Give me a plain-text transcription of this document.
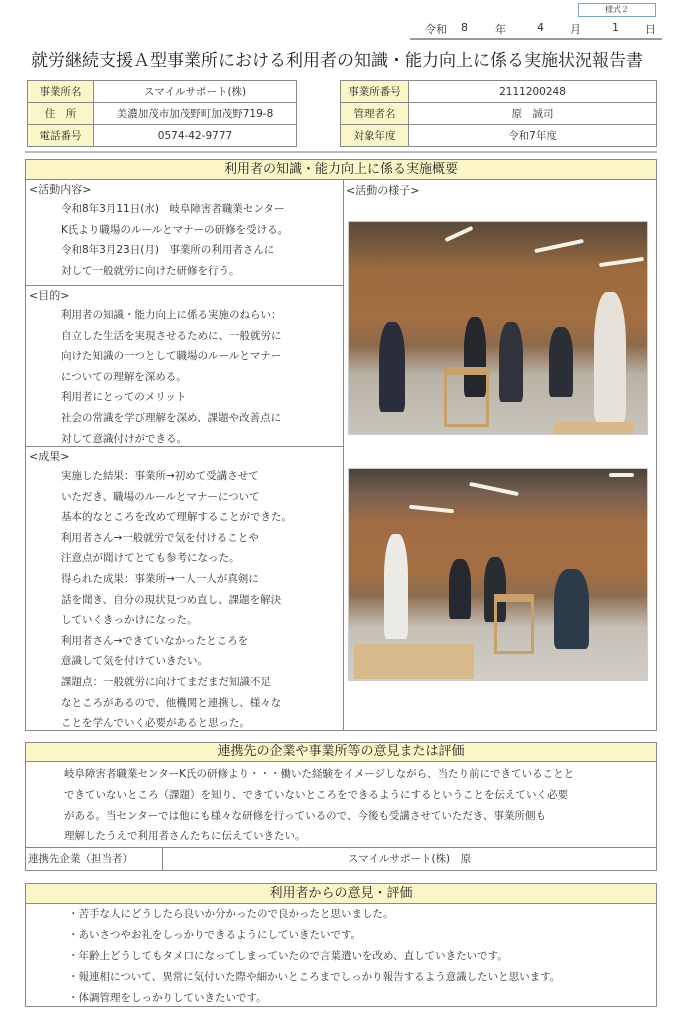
様式２
令和	8	年	4	月	1	日
就労継続支援Ａ型事業所における利用者の知識・能力向上に係る実施状況報告書
事業所名	スマイルサポート(株)
住　所	美濃加茂市加茂野町加茂野719-8
電話番号	0574-42-9777
事業所番号	2111200248
管理者名	原　誠司
対象年度	令和7年度
利用者の知識・能力向上に係る実施概要
<活動内容>
令和8年3月11日(水)　岐阜障害者職業センター
K氏より職場のルールとマナーの研修を受ける。
令和8年3月23日(月)　事業所の利用者さんに
対して一般就労に向けた研修を行う。
<目的>
利用者の知識・能力向上に係る実施のねらい：
自立した生活を実現させるために、一般就労に
向けた知識の一つとして職場のルールとマナー
についての理解を深める。
利用者にとってのメリット
社会の常識を学び理解を深め、課題や改善点に
対して意識付けができる。
<成果>
実施した結果：事業所→初めて受講させて
いただき、職場のルールとマナーについて
基本的なところを改めて理解することができた。
利用者さん→一般就労で気を付けることや
注意点が聞けてとても参考になった。
得られた成果：事業所→一人一人が真剣に
話を聞き、自分の現状見つめ直し、課題を解決
していくきっかけになった。
利用者さん→できていなかったところを
意識して気を付けていきたい。
課題点：一般就労に向けてまだまだ知識不足
なところがあるので、他機関と連携し、様々な
ことを学んでいく必要があると思った。
<活動の様子>
連携先の企業や事業所等の意見または評価
岐阜障害者職業センターK氏の研修より・・・働いた経験をイメージしながら、当たり前にできていることと
できていないところ（課題）を知り、できていないところをできるようにするということを伝えていく必要
がある。当センターでは他にも様々な研修を行っているので、今後も受講させていただき、事業所側も
理解したうえで利用者さんたちに伝えていきたい。
連携先企業（担当者）	スマイルサポート(株)　原
利用者からの意見・評価
・苦手な人にどうしたら良いか分かったので良かったと思いました。
・あいさつやお礼をしっかりできるようにしていきたいです。
・年齢上どうしてもタメ口になってしまっていたので言葉遣いを改め、直していきたいです。
・報連相について、異常に気付いた際や細かいところまでしっかり報告するよう意識したいと思います。
・体調管理をしっかりしていきたいです。
